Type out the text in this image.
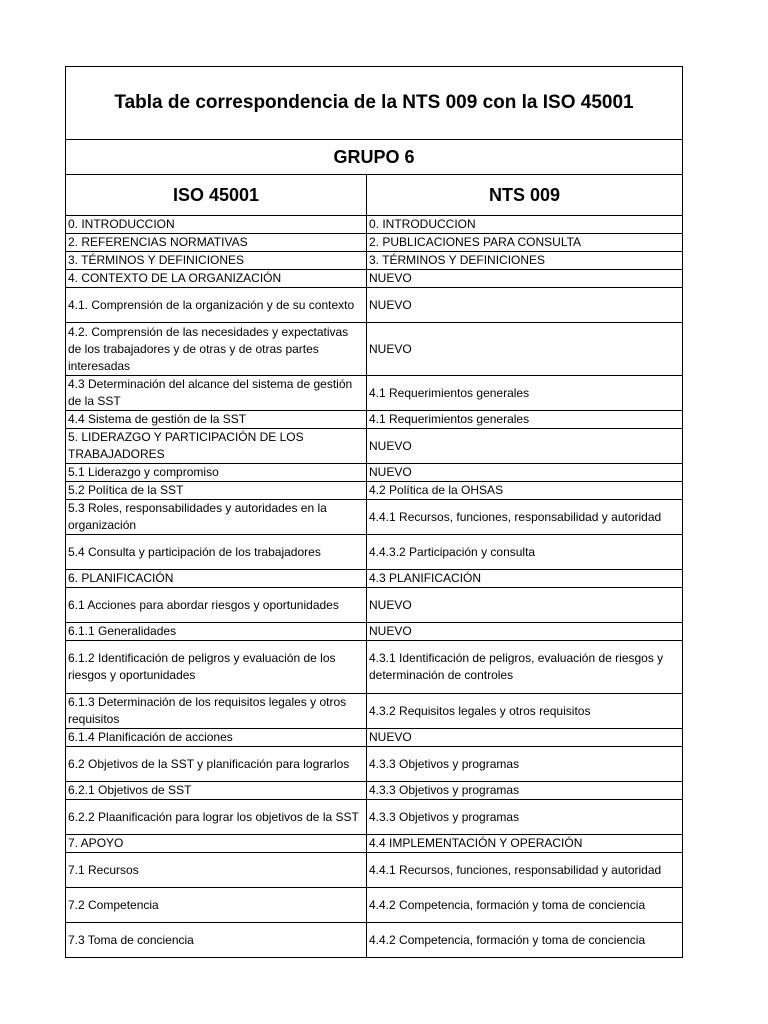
Tabla de correspondencia de la NTS 009 con la ISO 45001	
GRUPO 6	
ISO 45001	NTS 009
0. INTRODUCCION	0. INTRODUCCION
2. REFERENCIAS NORMATIVAS	2. PUBLICACIONES PARA CONSULTA
3. TÉRMINOS Y DEFINICIONES	3. TÉRMINOS Y DEFINICIONES
4. CONTEXTO DE LA ORGANIZACIÓN	NUEVO
4.1. Comprensión de la organización y de su contexto	NUEVO
4.2. Comprensión de las necesidades y expectativas de los trabajadores y de otras y de otras partes interesadas	NUEVO
4.3 Determinación del alcance del sistema de gestión de la SST	4.1 Requerimientos generales
4.4 Sistema de gestión de la SST	4.1 Requerimientos generales
5. LIDERAZGO Y PARTICIPACIÓN DE LOS TRABAJADORES	NUEVO
5.1 Liderazgo y compromiso	NUEVO
5.2 Política de la SST	4.2 Política de la OHSAS
5.3 Roles, responsabilidades y autoridades en la organización	4.4.1 Recursos, funciones, responsabilidad y autoridad
5.4 Consulta y participación de los trabajadores	4.4.3.2 Participación y consulta
6. PLANIFICACIÓN	4.3 PLANIFICACIÓN
6.1 Acciones para abordar riesgos y oportunidades	NUEVO
6.1.1 Generalidades	NUEVO
6.1.2 Identificación de peligros y evaluación de los riesgos y oportunidades	4.3.1 Identificación de peligros, evaluación de riesgos y determinación de controles
6.1.3 Determinación de los requisitos legales y otros requisitos	4.3.2 Requisitos legales y otros requisitos
6.1.4 Planificación de acciones	NUEVO
6.2 Objetivos de la SST y planificación para lograrlos	4.3.3 Objetivos y programas
6.2.1 Objetivos de SST	4.3.3 Objetivos y programas
6.2.2 Plaanificación para lograr los objetivos de la SST	4.3.3 Objetivos y programas
7. APOYO	4.4 IMPLEMENTACIÓN Y OPERACIÓN
7.1 Recursos	4.4.1 Recursos, funciones, responsabilidad y autoridad
7.2 Competencia	4.4.2 Competencia, formación y toma de conciencia
7.3 Toma de conciencia	4.4.2 Competencia, formación y toma de conciencia
